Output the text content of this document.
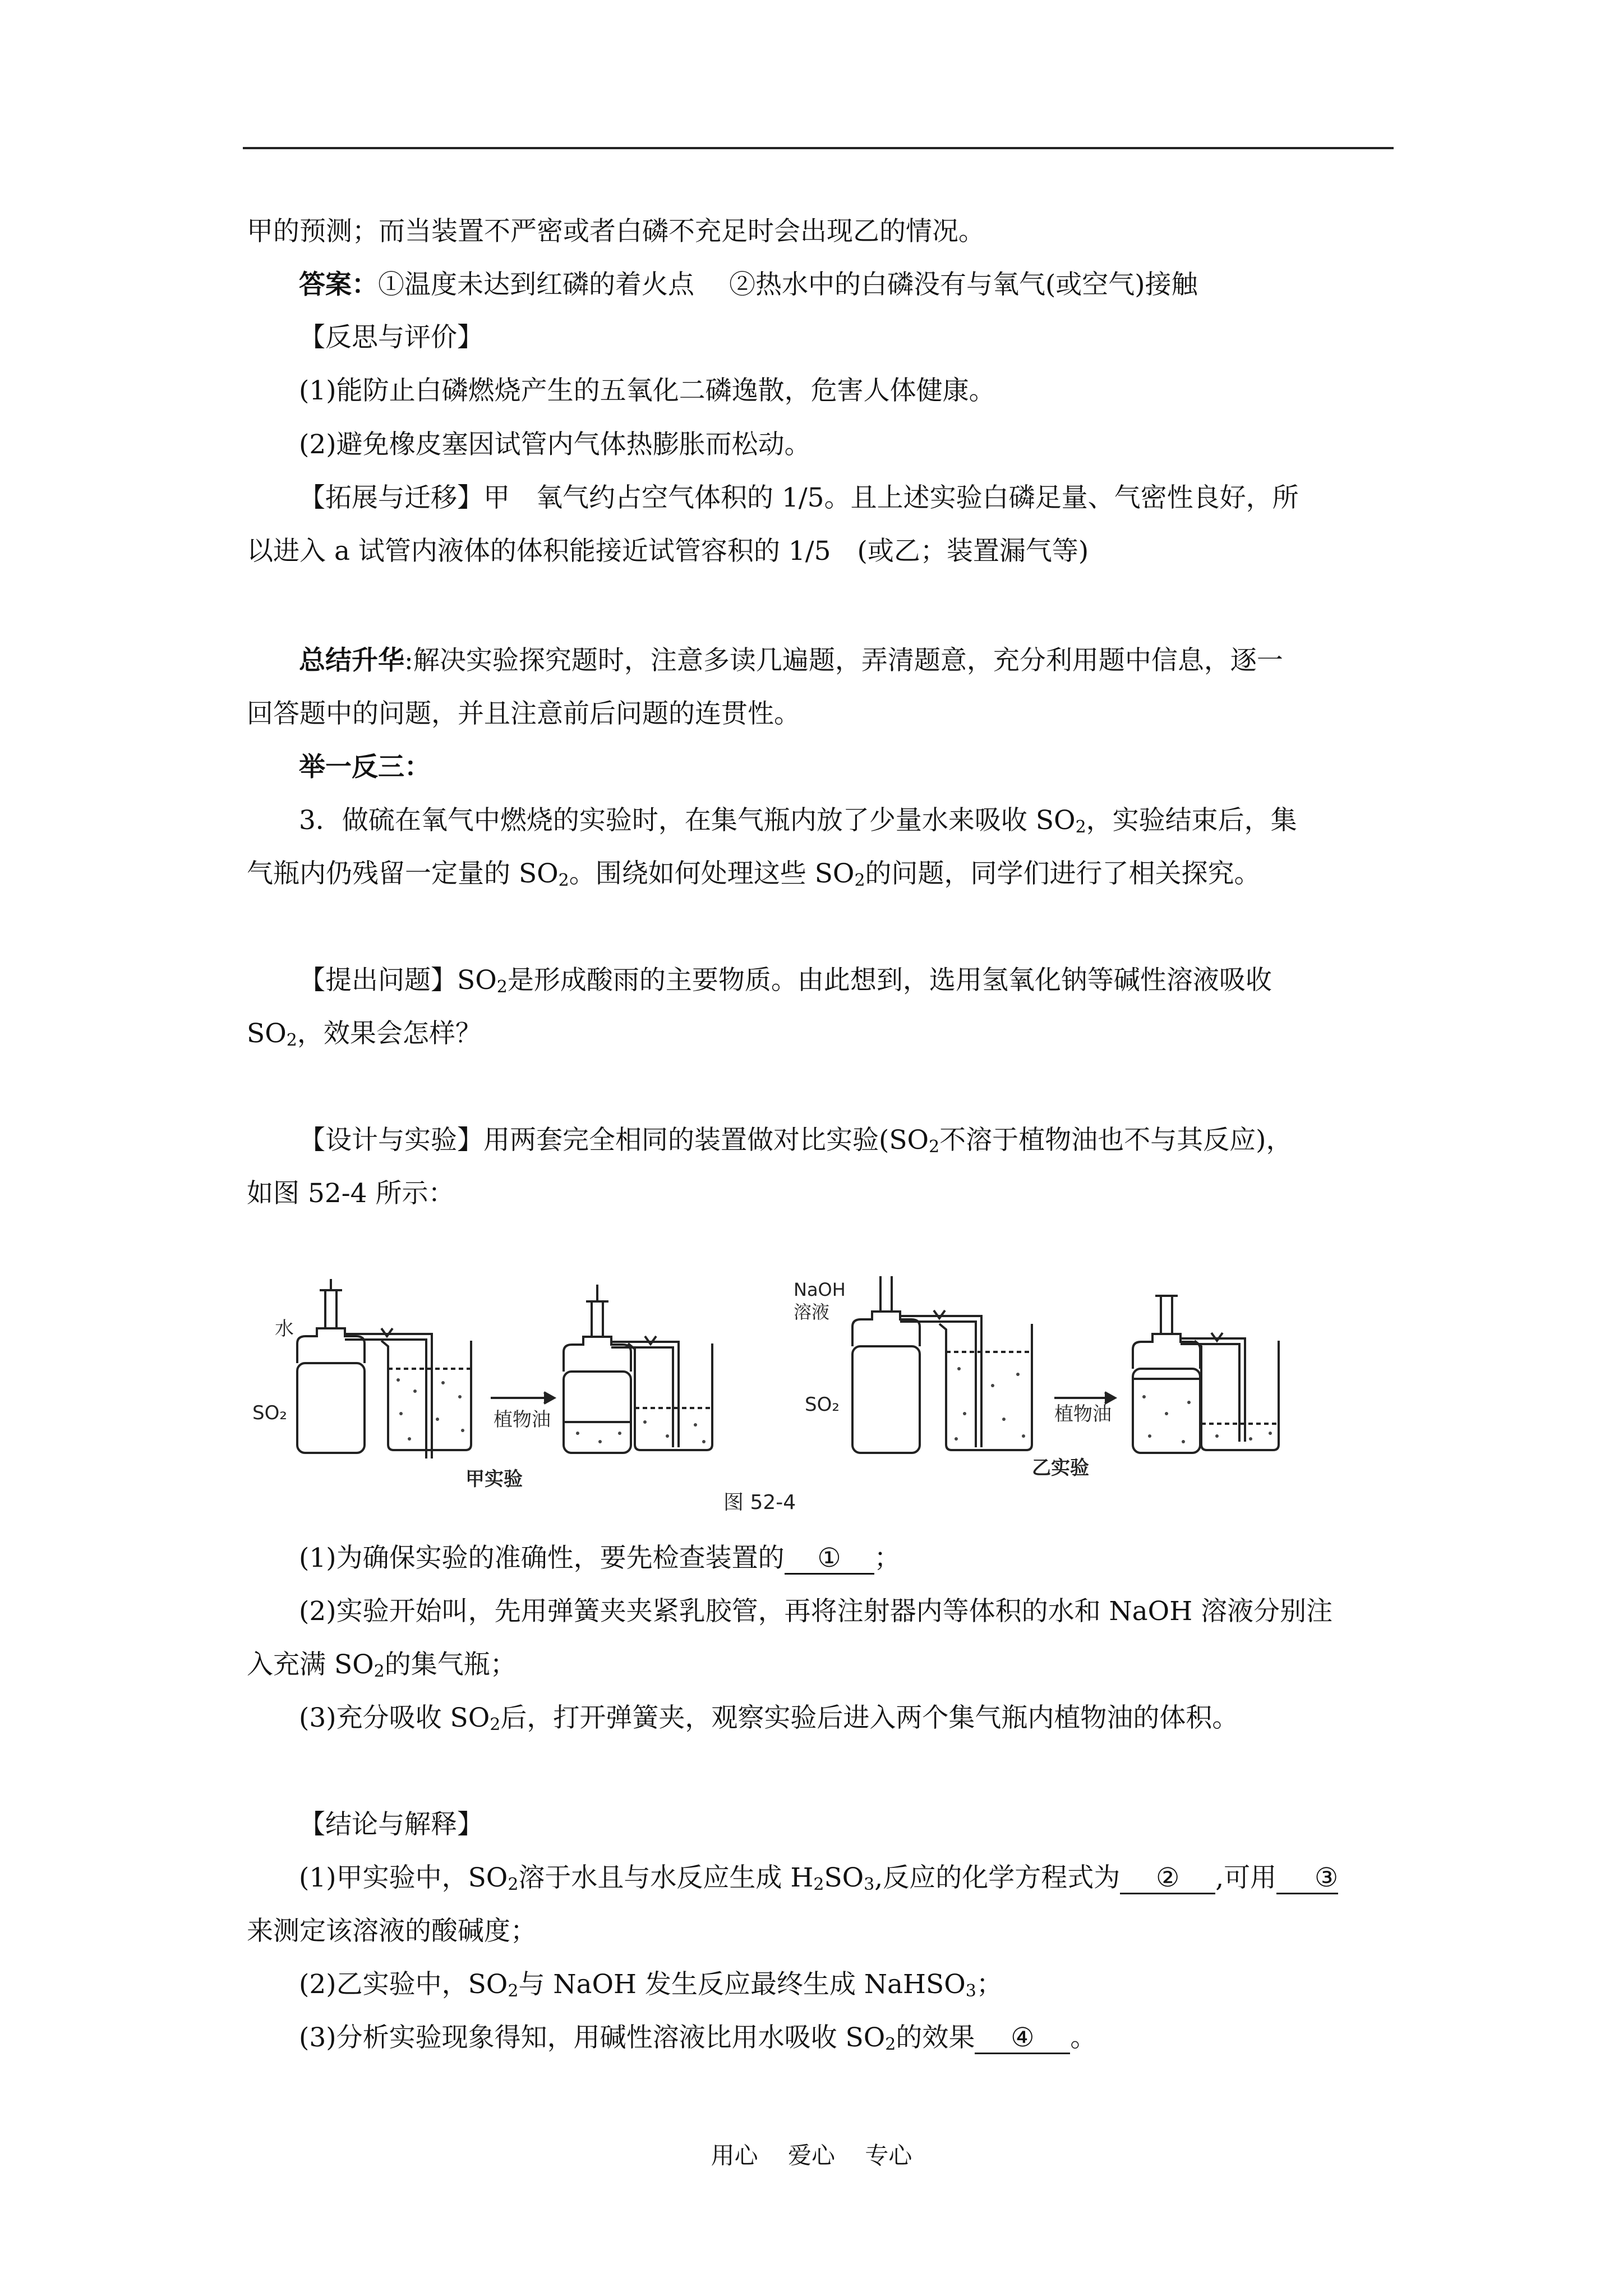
甲的预测；而当装置不严密或者白磷不充足时会出现乙的情况。
答案：①温度未达到红磷的着火点　 ②热水中的白磷没有与氧气(或空气)接触
【反思与评价】
(1)能防止白磷燃烧产生的五氧化二磷逸散，危害人体健康。
(2)避免橡皮塞因试管内气体热膨胀而松动。
【拓展与迁移】甲　氧气约占空气体积的 1/5。且上述实验白磷足量、气密性良好，所
以进入 a 试管内液体的体积能接近试管容积的 1/5　(或乙；装置漏气等)
总结升华:解决实验探究题时，注意多读几遍题，弄清题意，充分利用题中信息，逐一
回答题中的问题，并且注意前后问题的连贯性。
举一反三：
3．做硫在氧气中燃烧的实验时，在集气瓶内放了少量水来吸收 $SO_2$，实验结束后，集
气瓶内仍残留一定量的 $SO_2$。围绕如何处理这些 $SO_2$的问题，同学们进行了相关探究。
【提出问题】$SO_2$是形成酸雨的主要物质。由此想到，选用氢氧化钠等碱性溶液吸收
$SO_2$，效果会怎样？
【设计与实验】用两套完全相同的装置做对比实验($SO_2$不溶于植物油也不与其反应)，
如图 52-4 所示：
水
SO₂	植物油
甲实验
NaOH
溶液
SO₂	植物油
乙实验
图 52-4
(1)为确保实验的准确性，要先检查装置的 ① ；
(2)实验开始叫，先用弹簧夹夹紧乳胶管，再将注射器内等体积的水和 NaOH 溶液分别注
入充满 $SO_2$的集气瓶；
(3)充分吸收 $SO_2$后，打开弹簧夹，观察实验后进入两个集气瓶内植物油的体积。
【结论与解释】
(1)甲实验中，$SO_2$溶于水且与水反应生成 $H_2SO_3$,反应的化学方程式为 ② ,可用 ③
来测定该溶液的酸碱度；
(2)乙实验中，$SO_2$与 NaOH 发生反应最终生成 NaHSO$_3$；
(3)分析实验现象得知，用碱性溶液比用水吸收 $SO_2$的效果 ④ 。
用心 爱心 专心
